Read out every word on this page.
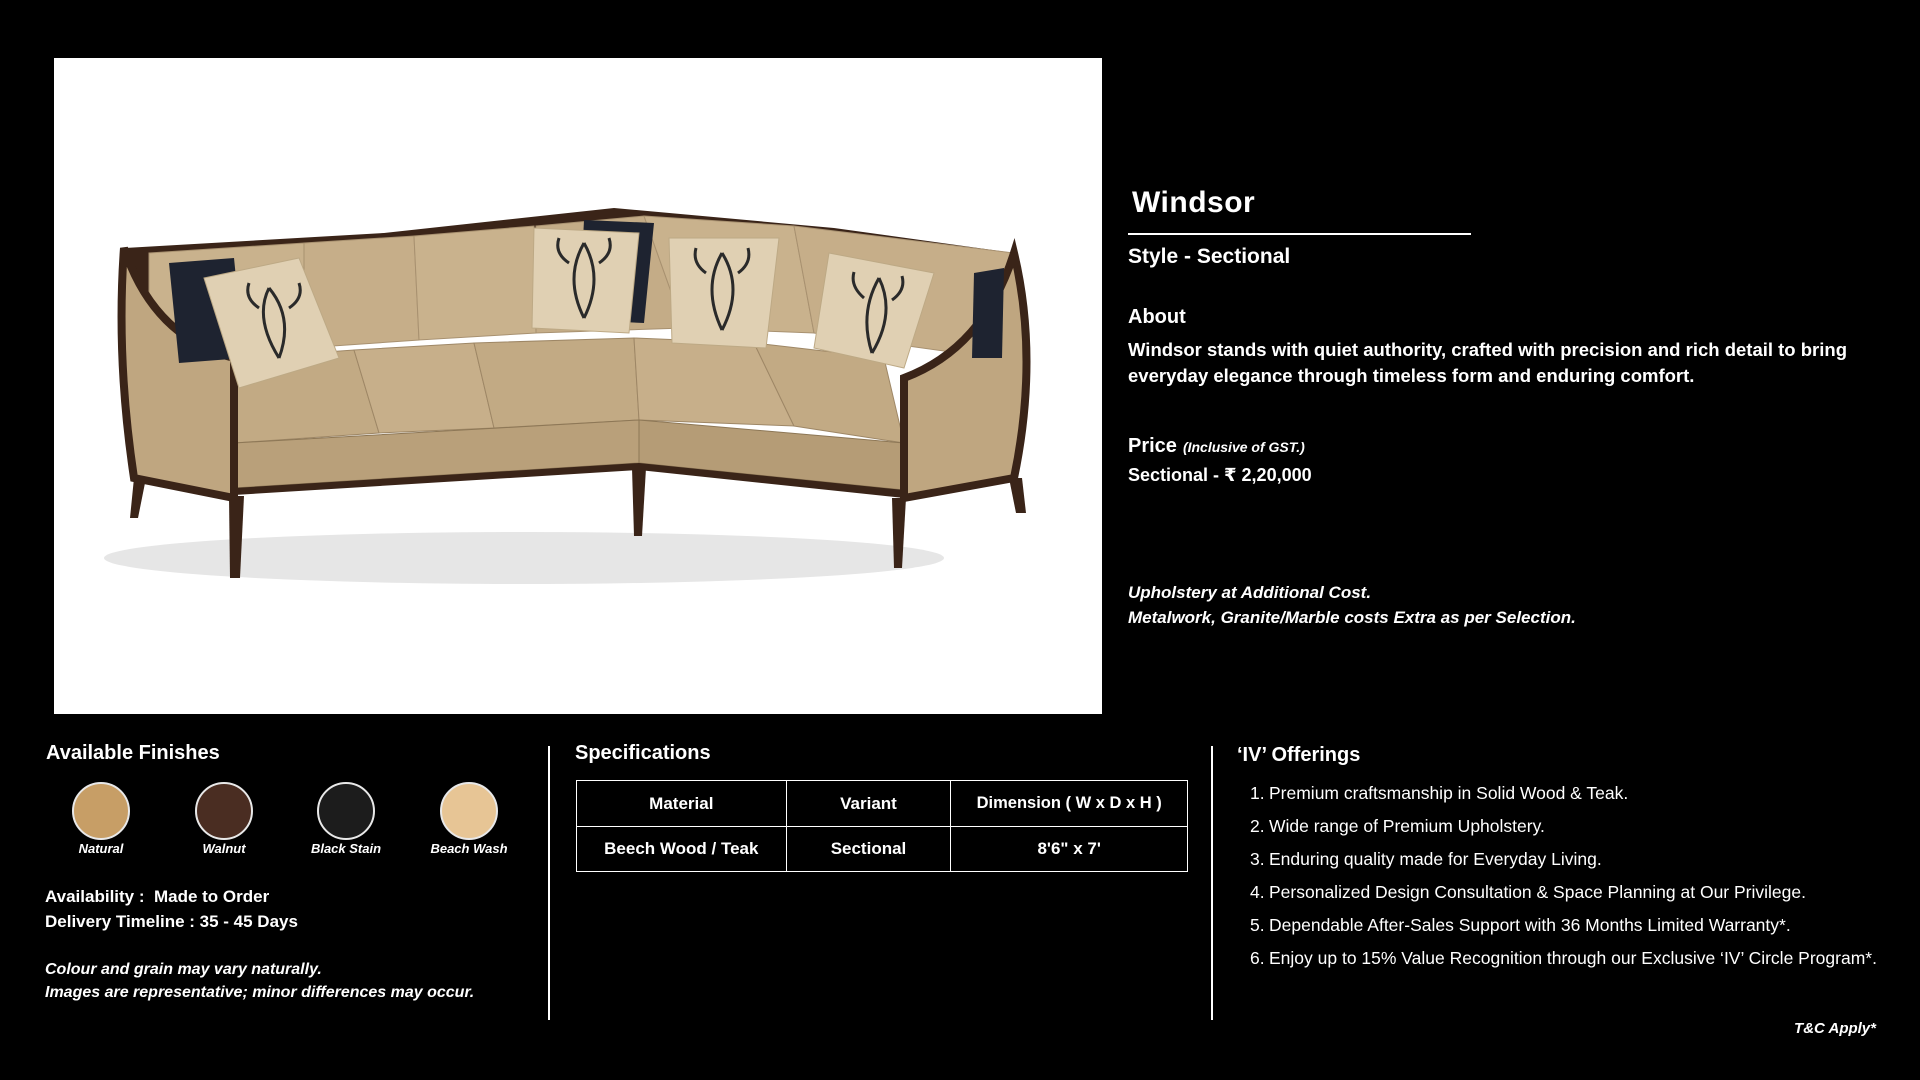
Windsor
Style - Sectional
About
Windsor stands with quiet authority, crafted with precision and rich detail to bring everyday elegance through timeless form and enduring comfort.
Price (Inclusive of GST.)
Sectional - ₹ 2,20,000
Upholstery at Additional Cost.
Metalwork, Granite/Marble costs Extra as per Selection.
Available Finishes
Natural	Walnut	Black Stain	Beach Wash
Availability :  Made to Order
Delivery Timeline : 35 - 45 Days
Colour and grain may vary naturally.
Images are representative; minor differences may occur.
Specifications
Material	Variant	Dimension ( W x D x H )
Beech Wood / Teak	Sectional	8'6" x 7'
‘IV’ Offerings
1. Premium craftsmanship in Solid Wood & Teak.
2. Wide range of Premium Upholstery.
3. Enduring quality made for Everyday Living.
4. Personalized Design Consultation & Space Planning at Our Privilege.
5. Dependable After-Sales Support with 36 Months Limited Warranty*.
6. Enjoy up to 15% Value Recognition through our Exclusive ‘IV’ Circle Program*.
T&C Apply*
